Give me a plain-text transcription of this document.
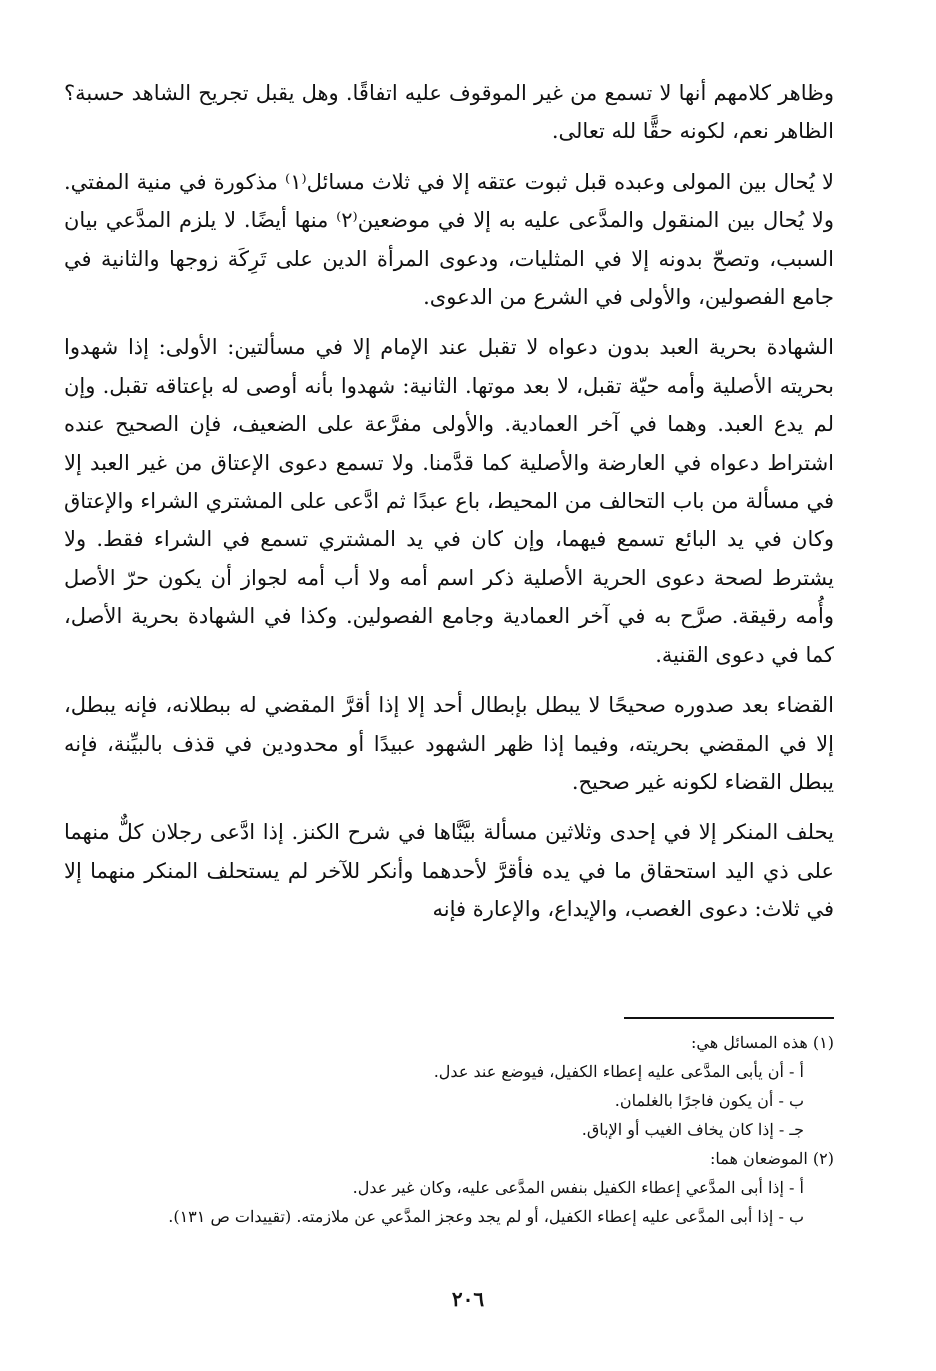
وظاهر كلامهم أنها لا تسمع من غير الموقوف عليه اتفاقًا. وهل يقبل تجريح الشاهد حسبة؟ الظاهر نعم، لكونه حقًّا لله تعالى.

لا يُحال بين المولى وعبده قبل ثبوت عتقه إلا في ثلاث مسائل⁽١⁾ مذكورة في منية المفتي. ولا يُحال بين المنقول والمدَّعى عليه به إلا في موضعين⁽٢⁾ منها أيضًا. لا يلزم المدَّعي بيان السبب، وتصحّ بدونه إلا في المثليات، ودعوى المرأة الدين على تَرِكَة زوجها والثانية في جامع الفصولين، والأولى في الشرع من الدعوى.

الشهادة بحرية العبد بدون دعواه لا تقبل عند الإمام إلا في مسألتين: الأولى: إذا شهدوا بحريته الأصلية وأمه حيّة تقبل، لا بعد موتها. الثانية: شهدوا بأنه أوصى له بإعتاقه تقبل. وإن لم يدع العبد. وهما في آخر العمادية. والأولى مفرَّعة على الضعيف، فإن الصحيح عنده اشتراط دعواه في العارضة والأصلية كما قدَّمنا. ولا تسمع دعوى الإعتاق من غير العبد إلا في مسألة من باب التحالف من المحيط، باع عبدًا ثم ادَّعى على المشتري الشراء والإعتاق وكان في يد البائع تسمع فيهما، وإن كان في يد المشتري تسمع في الشراء فقط. ولا يشترط لصحة دعوى الحرية الأصلية ذكر اسم أمه ولا أب أمه لجواز أن يكون حرّ الأصل وأُمه رقيقة. صرَّح به في آخر العمادية وجامع الفصولين. وكذا في الشهادة بحرية الأصل، كما في دعوى القنية.

القضاء بعد صدوره صحيحًا لا يبطل بإبطال أحد إلا إذا أقرَّ المقضي له ببطلانه، فإنه يبطل، إلا في المقضي بحريته، وفيما إذا ظهر الشهود عبيدًا أو محدودين في قذف بالبيِّنة، فإنه يبطل القضاء لكونه غير صحيح.

يحلف المنكر إلا في إحدى وثلاثين مسألة بيَّنَّاها في شرح الكنز. إذا ادَّعى رجلان كلٌّ منهما على ذي اليد استحقاق ما في يده فأقرَّ لأحدهما وأنكر للآخر لم يستحلف المنكر منهما إلا في ثلاث: دعوى الغصب، والإيداع، والإعارة فإنه

(١) هذه المسائل هي:

أ - أن يأبى المدَّعى عليه إعطاء الكفيل، فيوضع عند عدل.

ب - أن يكون فاجرًا بالغلمان.

جـ - إذا كان يخاف الغيب أو الإباق.

(٢) الموضعان هما:

أ - إذا أبى المدَّعي إعطاء الكفيل بنفس المدَّعى عليه، وكان غير عدل.

ب - إذا أبى المدَّعى عليه إعطاء الكفيل، أو لم يجد وعجز المدَّعي عن ملازمته. (تقييدات ص ١٣١).

٢٠٦
